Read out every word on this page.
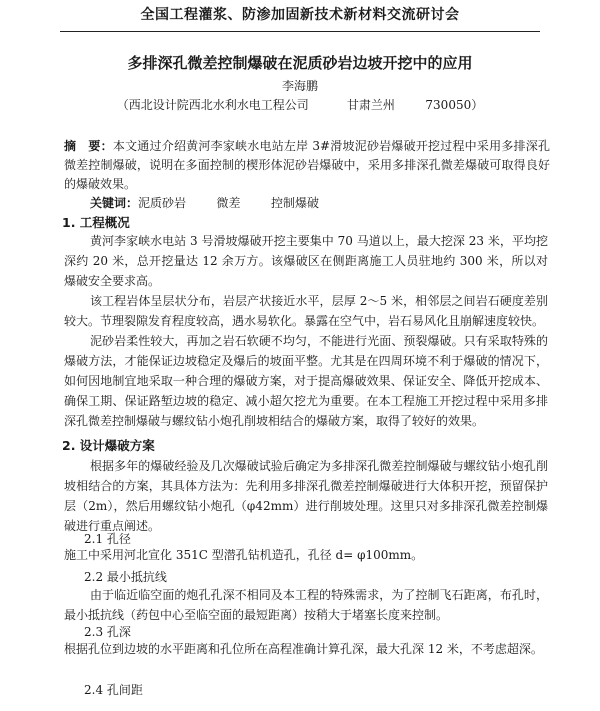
全国工程灌浆、防渗加固新技术新材料交流研讨会
多排深孔微差控制爆破在泥质砂岩边坡开挖中的应用
李海鹏
（西北设计院西北水利水电工程公司          甘肃兰州        730050）
摘　要：本文通过介绍黄河李家峡水电站左岸 3#滑坡泥砂岩爆破开挖过程中采用多排深孔微差控制爆破，说明在多面控制的楔形体泥砂岩爆破中，采用多排深孔微差爆破可取得良好的爆破效果。
关键词：泥质砂岩        微差        控制爆破
1. 工程概况
黄河李家峡水电站 3 号滑坡爆破开挖主要集中 70 马道以上，最大挖深 23 米，平均挖深约 20 米，总开挖量达 12 余万方。该爆破区在侧距离施工人员驻地约 300 米，所以对爆破安全要求高。
该工程岩体呈层状分布，岩层产状接近水平，层厚 2～5 米，相邻层之间岩石硬度差别较大。节理裂隙发育程度较高，遇水易软化。暴露在空气中，岩石易风化且崩解速度较快。
泥砂岩柔性较大，再加之岩石软硬不均匀，不能进行光面、预裂爆破。只有采取特殊的爆破方法，才能保证边坡稳定及爆后的坡面平整。尤其是在四周环境不利于爆破的情况下，如何因地制宜地采取一种合理的爆破方案，对于提高爆破效果、保证安全、降低开挖成本、确保工期、保证路堑边坡的稳定、减小超欠挖尤为重要。在本工程施工开挖过程中采用多排深孔微差控制爆破与螺纹钻小炮孔削坡相结合的爆破方案，取得了较好的效果。
2. 设计爆破方案
根据多年的爆破经验及几次爆破试验后确定为多排深孔微差控制爆破与螺纹钻小炮孔削坡相结合的方案，其具体方法为：先利用多排深孔微差控制爆破进行大体积开挖，预留保护层（2m），然后用螺纹钻小炮孔（φ42mm）进行削坡处理。这里只对多排深孔微差控制爆破进行重点阐述。
2.1 孔径
施工中采用河北宣化 351C 型潜孔钻机造孔，孔径 d= φ100mm。
2.2 最小抵抗线
由于临近临空面的炮孔孔深不相同及本工程的特殊需求，为了控制飞石距离，布孔时，最小抵抗线（药包中心至临空面的最短距离）按稍大于堵塞长度来控制。
2.3 孔深
根据孔位到边坡的水平距离和孔位所在高程准确计算孔深，最大孔深 12 米，不考虑超深。
2.4 孔间距
